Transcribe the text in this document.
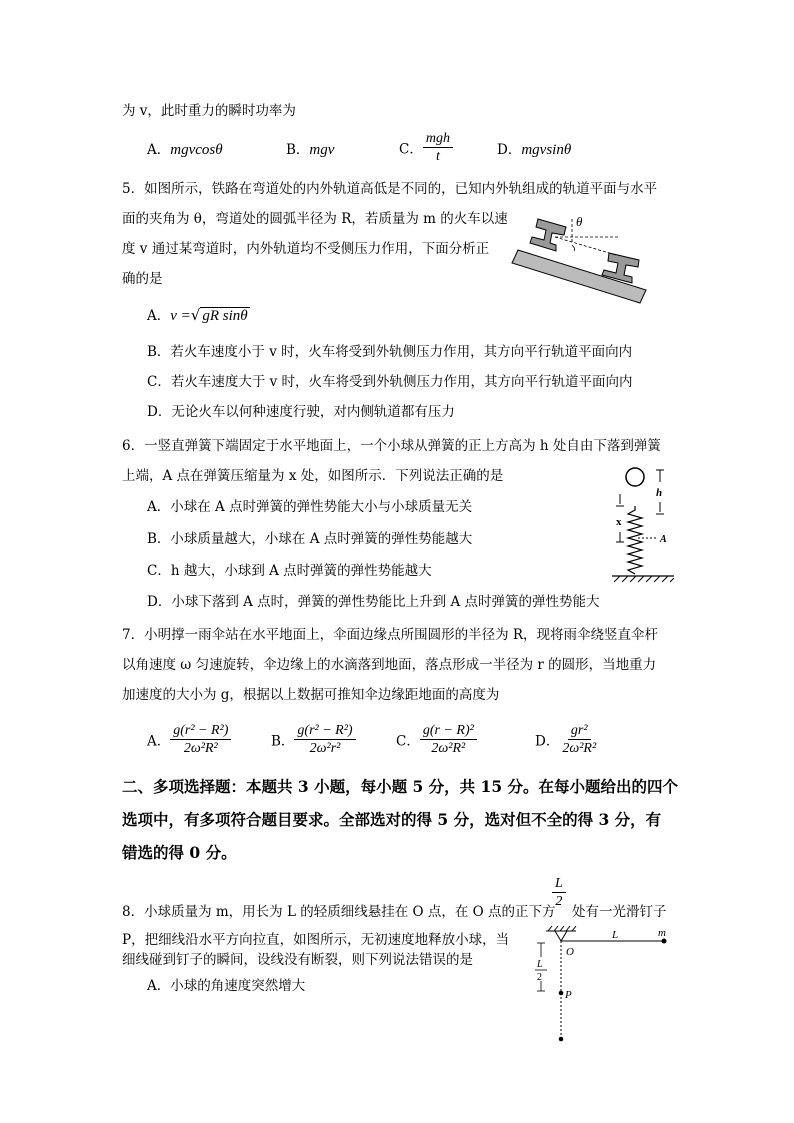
为 v，此时重力的瞬时功率为
A．mgvcosθ	B．mgv	C． $\frac{\text{mgh}}{t}$	D．mgvsinθ
5．如图所示，铁路在弯道处的内外轨道高低是不同的，已知内外轨组成的轨道平面与水平
面的夹角为 θ，弯道处的圆弧半径为 R，若质量为 m 的火车以速
度 v 通过某弯道时，内外轨道均不受侧压力作用，下面分析正
确的是
θ
A．v =√ gR sinθ
B．若火车速度小于 v 时，火车将受到外轨侧压力作用，其方向平行轨道平面向内
C．若火车速度大于 v 时，火车将受到外轨侧压力作用，其方向平行轨道平面向内
D．无论火车以何种速度行驶，对内侧轨道都有压力
6．一竖直弹簧下端固定于水平地面上，一个小球从弹簧的正上方高为 h 处自由下落到弹簧
上端，A 点在弹簧压缩量为 x 处，如图所示．下列说法正确的是
A．小球在 A 点时弹簧的弹性势能大小与小球质量无关
B．小球质量越大，小球在 A 点时弹簧的弹性势能越大
C．h 越大，小球到 A 点时弹簧的弹性势能越大
D．小球下落到 A 点时，弹簧的弹性势能比上升到 A 点时弹簧的弹性势能大
h
x
A
7．小明撑一雨伞站在水平地面上，伞面边缘点所围圆形的半径为 R，现将雨伞绕竖直伞杆
以角速度 ω 匀速旋转，伞边缘上的水滴落到地面，落点形成一半径为 r 的圆形，当地重力
加速度的大小为 g，根据以上数据可推知伞边缘距地面的高度为
A． $\frac{\text{g(r² − R²)}}{\text{2ω²R²}}$	B． $\frac{\text{g(r² − R²)}}{\text{2ω²r²}}$	C． $\frac{\text{g(r − R)²}}{\text{2ω²R²}}$	D． $\frac{\text{gr²}}{\text{2ω²R²}}$
二、多项选择题：本题共 3 小题，每小题 5 分，共 15 分。在每小题给出的四个
选项中，有多项符合题目要求。全部选对的得 5 分，选对但不全的得 3 分，有
错选的得 0 分。
$\frac{L}{2}$
8．小球质量为 m，用长为 L 的轻质细线悬挂在 O 点，在 O 点的正下方 处有一光滑钉子
P，把细线沿水平方向拉直，如图所示，无初速度地释放小球，当
细线碰到钉子的瞬间，设线没有断裂，则下列说法错误的是
A．小球的角速度突然增大
O
L	m
P
L
2
